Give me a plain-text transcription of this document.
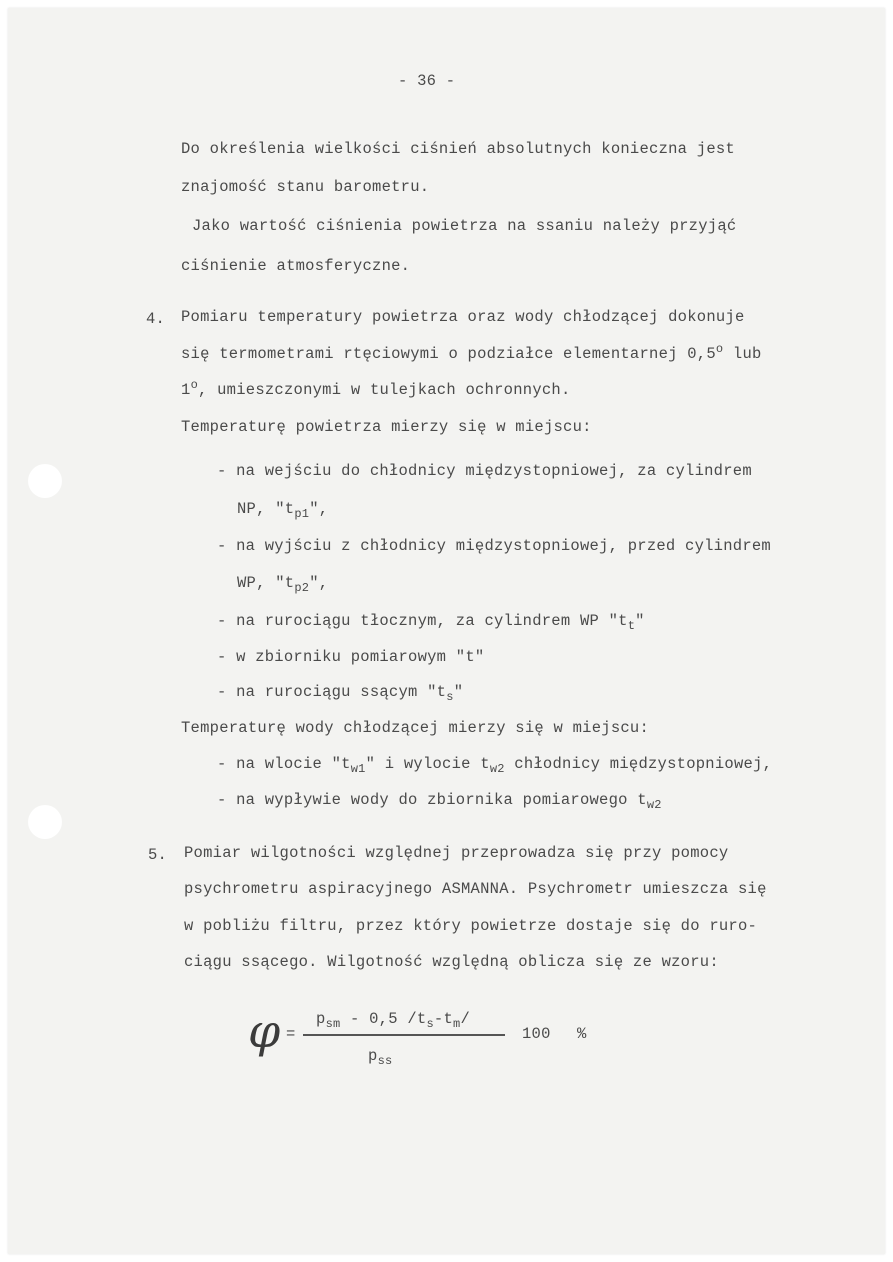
- 36 -
Do określenia wielkości ciśnień absolutnych konieczna jest
znajomość stanu barometru.
Jako wartość ciśnienia powietrza na ssaniu należy przyjąć
ciśnienie atmosferyczne.
4. Pomiaru temperatury powietrza oraz wody chłodzącej dokonuje
się termometrami rtęciowymi o podziałce elementarnej 0,5$^o$ lub
1$^o$, umieszczonymi w tulejkach ochronnych.
Temperaturę powietrza mierzy się w miejscu:
- na wejściu do chłodnicy międzystopniowej, za cylindrem
NP, "$t_{p1}$",
- na wyjściu z chłodnicy międzystopniowej, przed cylindrem
WP, "$t_{p2}$",
- na rurociągu tłocznym, za cylindrem WP "$t_t$"
- w zbiorniku pomiarowym "t"
- na rurociągu ssącym "$t_s$"
Temperaturę wody chłodzącej mierzy się w miejscu:
- na wlocie "$t_{w1}$" i wylocie $t_{w2}$ chłodnicy międzystopniowej,
- na wypływie wody do zbiornika pomiarowego $t_{w2}$
5. Pomiar wilgotności względnej przeprowadza się przy pomocy
psychrometru aspiracyjnego ASMANNA. Psychrometr umieszcza się
w pobliżu filtru, przez który powietrze dostaje się do ruro-
ciągu ssącego. Wilgotność względną oblicza się ze wzoru:
φ =
$p_{sm} - 0,5$ $/t_s-t_m/$
$p_{ss}$
100 %
